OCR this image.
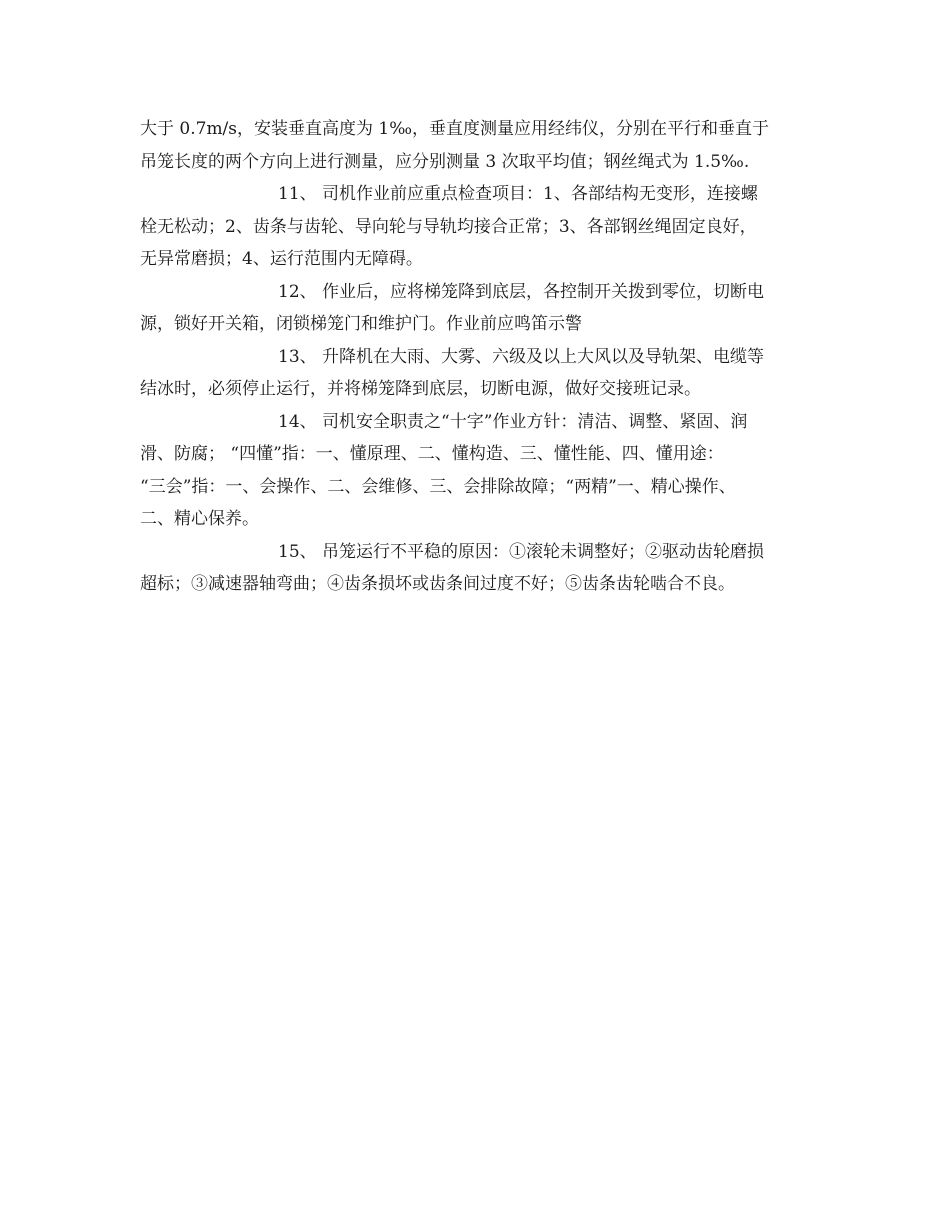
大于 0.7m/s，安装垂直高度为 1‰，垂直度测量应用经纬仪，分别在平行和垂直于
吊笼长度的两个方向上进行测量，应分别测量 3 次取平均值；钢丝绳式为 1.5‰.
11、 司机作业前应重点检查项目：1、各部结构无变形，连接螺
栓无松动；2、齿条与齿轮、导向轮与导轨均接合正常；3、各部钢丝绳固定良好，
无异常磨损；4、运行范围内无障碍。
12、 作业后，应将梯笼降到底层，各控制开关拨到零位，切断电
源，锁好开关箱，闭锁梯笼门和维护门。作业前应鸣笛示警
13、 升降机在大雨、大雾、六级及以上大风以及导轨架、电缆等
结冰时，必须停止运行，并将梯笼降到底层，切断电源，做好交接班记录。
14、 司机安全职责之“十字”作业方针：清洁、调整、紧固、润
滑、防腐； “四懂”指：一、懂原理、二、懂构造、三、懂性能、四、懂用途：
“三会”指：一、会操作、二、会维修、三、会排除故障；“两精”一、精心操作、
二、精心保养。
15、 吊笼运行不平稳的原因：①滚轮未调整好；②驱动齿轮磨损
超标；③减速器轴弯曲；④齿条损坏或齿条间过度不好；⑤齿条齿轮啮合不良。
